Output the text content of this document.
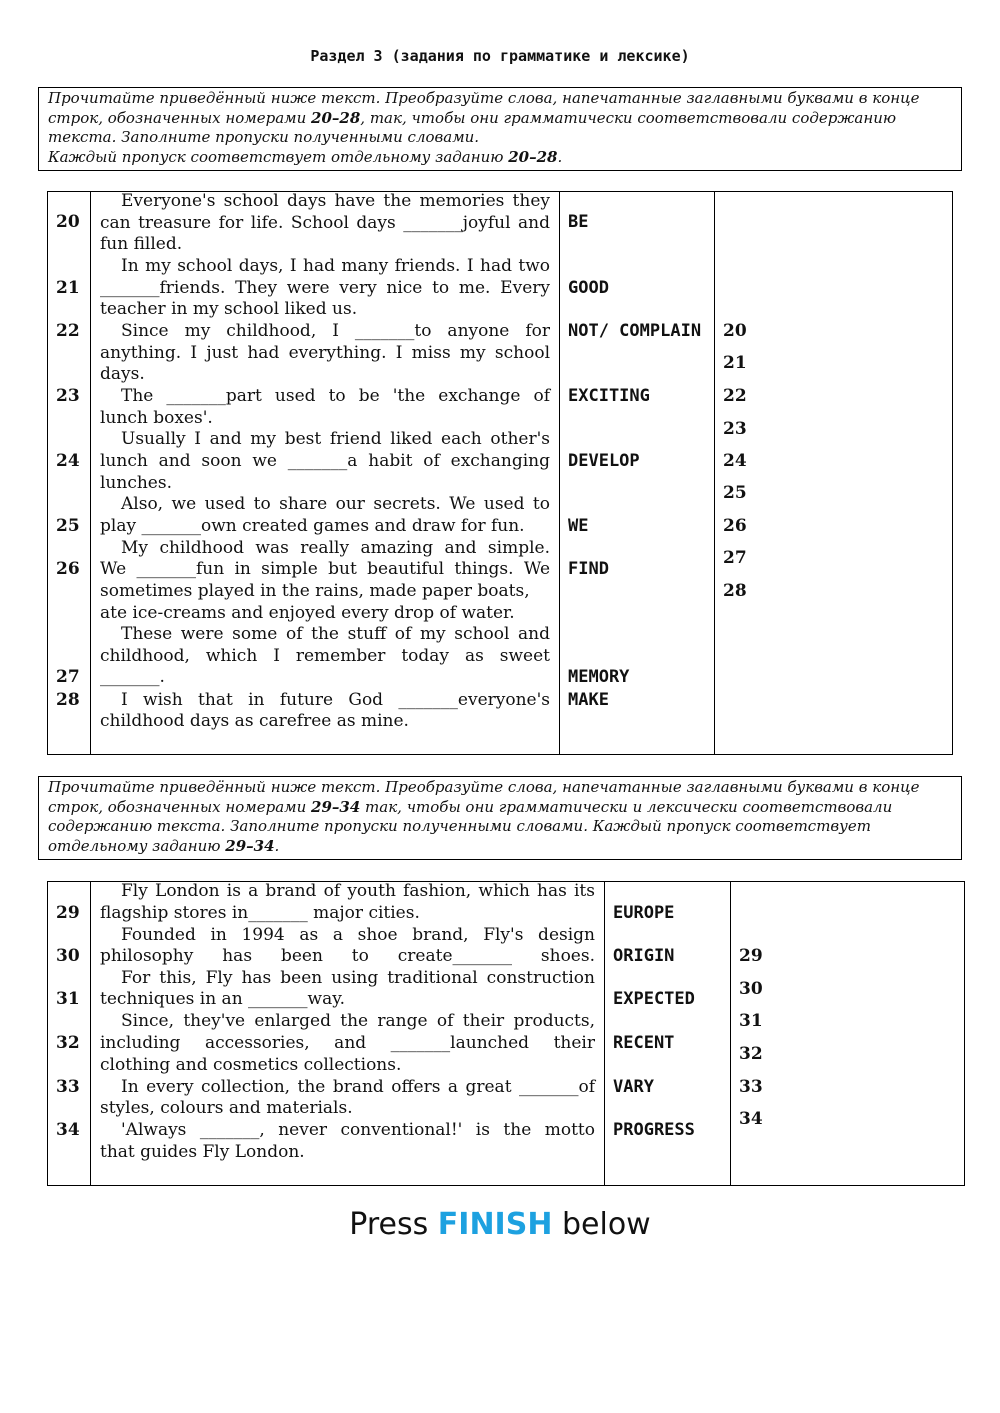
Раздел 3 (задания по грамматике и лексике)
Прочитайте приведённый ниже текст. Преобразуйте слова, напечатанные заглавными буквами в конце
строк, обозначенных номерами 20–28, так, чтобы они грамматически соответствовали содержанию
текста. Заполните пропуски полученными словами.
Каждый пропуск соответствует отдельному заданию 20–28.
20
21
22
23
24
25
26
27
28
Everyone's school days have the memories they
can treasure for life. School days _______joyful and
fun filled.
In my school days, I had many friends. I had two
_______friends. They were very nice to me. Every
teacher in my school liked us.
Since my childhood, I _______to anyone for
anything. I just had everything. I miss my school
days.
The _______part used to be 'the exchange of
lunch boxes'.
Usually I and my best friend liked each other's
lunch and soon we _______a habit of exchanging
lunches.
Also, we used to share our secrets. We used to
play _______own created games and draw for fun.
My childhood was really amazing and simple.
We _______fun in simple but beautiful things. We
sometimes played in the rains, made paper boats,
ate ice-creams and enjoyed every drop of water.
These were some of the stuff of my school and
childhood, which I remember today as sweet
_______.
I wish that in future God _______everyone's
childhood days as carefree as mine.
BE
GOOD
NOT/ COMPLAIN
EXCITING
DEVELOP
WE
FIND
MEMORY
MAKE
20
21
22
23
24
25
26
27
28
Прочитайте приведённый ниже текст. Преобразуйте слова, напечатанные заглавными буквами в конце
строк, обозначенных номерами 29–34 так, чтобы они грамматически и лексически соответствовали
содержанию текста. Заполните пропуски полученными словами. Каждый пропуск соответствует
отдельному заданию 29–34.
29
30
31
32
33
34
Fly London is a brand of youth fashion, which has its
flagship stores in_______ major cities.
Founded in 1994 as a shoe brand, Fly's design
philosophy has been to create_______ shoes.
For this, Fly has been using traditional construction
techniques in an _______way.
Since, they've enlarged the range of their products,
including accessories, and _______launched their
clothing and cosmetics collections.
In every collection, the brand offers a great _______of
styles, colours and materials.
'Always _______, never conventional!' is the motto
that guides Fly London.
EUROPE
ORIGIN
EXPECTED
RECENT
VARY
PROGRESS
29
30
31
32
33
34
Press FINISH below
